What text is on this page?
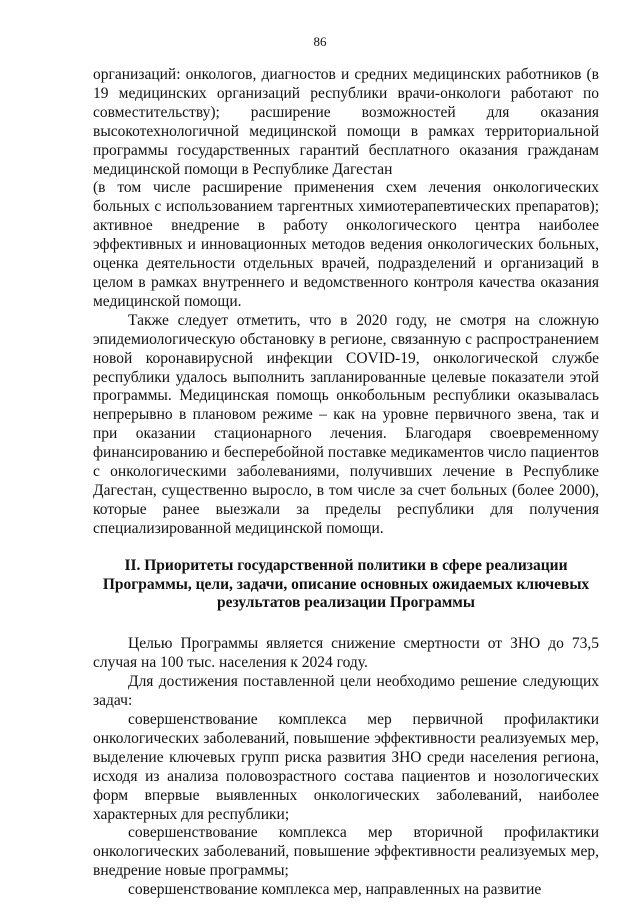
86

организаций: онкологов, диагностов и средних медицинских работников (в 19 медицинских организаций республики врачи-онкологи работают по совместительству); расширение возможностей для оказания высокотехнологичной медицинской помощи в рамках территориальной программы государственных гарантий бесплатного оказания гражданам медицинской помощи в Республике Дагестан

(в том числе расширение применения схем лечения онкологических больных с использованием таргентных химиотерапевтических препаратов); активное внедрение в работу онкологического центра наиболее эффективных и инновационных методов ведения онкологических больных, оценка деятельности отдельных врачей, подразделений и организаций в целом в рамках внутреннего и ведомственного контроля качества оказания медицинской помощи.

Также следует отметить, что в 2020 году, не смотря на сложную эпидемиологическую обстановку в регионе, связанную с распространением новой коронавирусной инфекции COVID-19, онкологической службе республики удалось выполнить запланированные целевые показатели этой программы. Медицинская помощь онкобольным республики оказывалась непрерывно в плановом режиме – как на уровне первичного звена, так и при оказании стационарного лечения. Благодаря своевременному финансированию и бесперебойной поставке медикаментов число пациентов с онкологическими заболеваниями, получивших лечение в Республике Дагестан, существенно выросло, в том числе за счет больных (более 2000), которые ранее выезжали за пределы республики для получения специализированной медицинской помощи.

II. Приоритеты государственной политики в сфере реализации Программы, цели, задачи, описание основных ожидаемых ключевых результатов реализации Программы

Целью Программы является снижение смертности от ЗНО до 73,5 случая на 100 тыс. населения к 2024 году.

Для достижения поставленной цели необходимо решение следующих задач:

совершенствование комплекса мер первичной профилактики онкологических заболеваний, повышение эффективности реализуемых мер, выделение ключевых групп риска развития ЗНО среди населения региона, исходя из анализа половозрастного состава пациентов и нозологических форм впервые выявленных онкологических заболеваний, наиболее характерных для республики;

совершенствование комплекса мер вторичной профилактики онкологических заболеваний, повышение эффективности реализуемых мер, внедрение новые программы;

совершенствование комплекса мер, направленных на развитие
